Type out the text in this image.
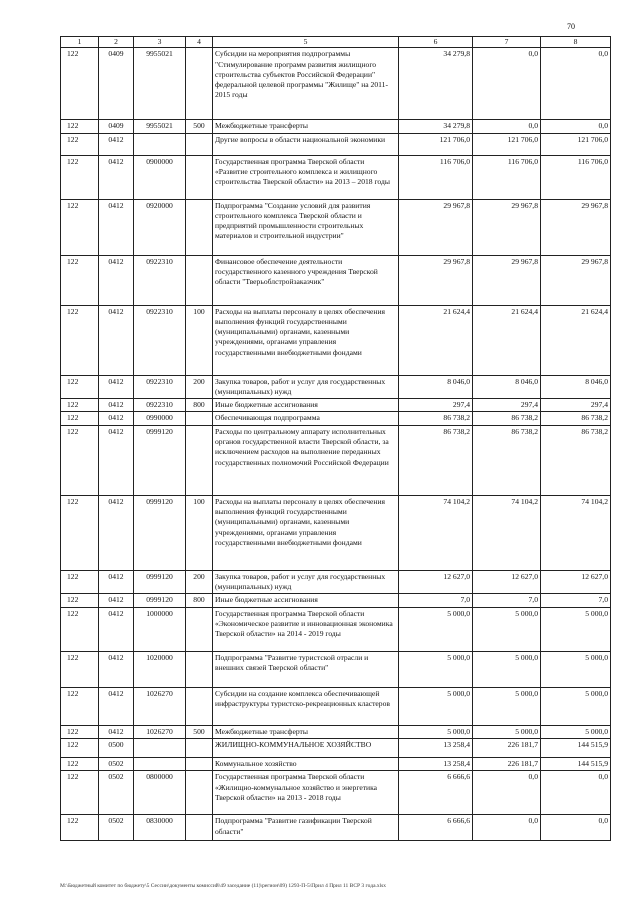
70
1	2	3	4	5	6	7	8
122	0409	9955021		Субсидии на мероприятия подпрограммы "Стимулирование программ развития жилищного строительства субъектов Российской Федерации" федеральной целевой программы "Жилище" на 2011-2015 годы	34 279,8	0,0	0,0
122	0409	9955021	500	Межбюджетные трансферты	34 279,8	0,0	0,0
122	0412			Другие вопросы в области национальной экономики	121 706,0	121 706,0	121 706,0
122	0412	0900000		Государственная программа Тверской области «Развитие строительного комплекса и жилищного строительства Тверской области» на 2013 – 2018 годы	116 706,0	116 706,0	116 706,0
122	0412	0920000		Подпрограмма "Создание условий для развития строительного комплекса Тверской области и предприятий промышленности строительных материалов и строительной индустрии"	29 967,8	29 967,8	29 967,8
122	0412	0922310		Финансовое обеспечение деятельности государственного казенного учреждения Тверской области "Тверьоблстройзаказчик"	29 967,8	29 967,8	29 967,8
122	0412	0922310	100	Расходы на выплаты персоналу в целях обеспечения выполнения функций государственными (муниципальными) органами, казенными учреждениями, органами управления государственными внебюджетными фондами	21 624,4	21 624,4	21 624,4
122	0412	0922310	200	Закупка товаров, работ и услуг для государственных (муниципальных) нужд	8 046,0	8 046,0	8 046,0
122	0412	0922310	800	Иные бюджетные ассигнования	297,4	297,4	297,4
122	0412	0990000		Обеспечивающая подпрограмма	86 738,2	86 738,2	86 738,2
122	0412	0999120		Расходы по центральному аппарату исполнительных органов государственной власти Тверской области, за исключением расходов на выполнение переданных государственных полномочий Российской Федерации	86 738,2	86 738,2	86 738,2
122	0412	0999120	100	Расходы на выплаты персоналу в целях обеспечения выполнения функций государственными (муниципальными) органами, казенными учреждениями, органами управления государственными внебюджетными фондами	74 104,2	74 104,2	74 104,2
122	0412	0999120	200	Закупка товаров, работ и услуг для государственных (муниципальных) нужд	12 627,0	12 627,0	12 627,0
122	0412	0999120	800	Иные бюджетные ассигнования	7,0	7,0	7,0
122	0412	1000000		Государственная программа Тверской области «Экономическое развитие и инновационная экономика Тверской области» на 2014 - 2019 годы	5 000,0	5 000,0	5 000,0
122	0412	1020000		Подпрограмма "Развитие туристской отрасли и внешних связей Тверской области"	5 000,0	5 000,0	5 000,0
122	0412	1026270		Субсидии на создание комплекса обеспечивающей инфраструктуры туристско-рекреационных кластеров	5 000,0	5 000,0	5 000,0
122	0412	1026270	500	Межбюджетные трансферты	5 000,0	5 000,0	5 000,0
122	0500			ЖИЛИЩНО-КОММУНАЛЬНОЕ ХОЗЯЙСТВО	13 258,4	226 181,7	144 515,9
122	0502			Коммунальное хозяйство	13 258,4	226 181,7	144 515,9
122	0502	0800000		Государственная программа Тверской области «Жилищно-коммунальное хозяйство и энергетика Тверской области» на 2013 - 2018 годы	6 666,6	0,0	0,0
122	0502	0830000		Подпрограмма "Развитие газификации Тверской области"	6 666,6	0,0	0,0
M:\Бюджетный комитет по бюджету\5 Сессии\документы комиссий\49 заседание (11)\регион\09) 1293-П-5\Прил 4 Прил 11 ВСР 3 года.xlsx
